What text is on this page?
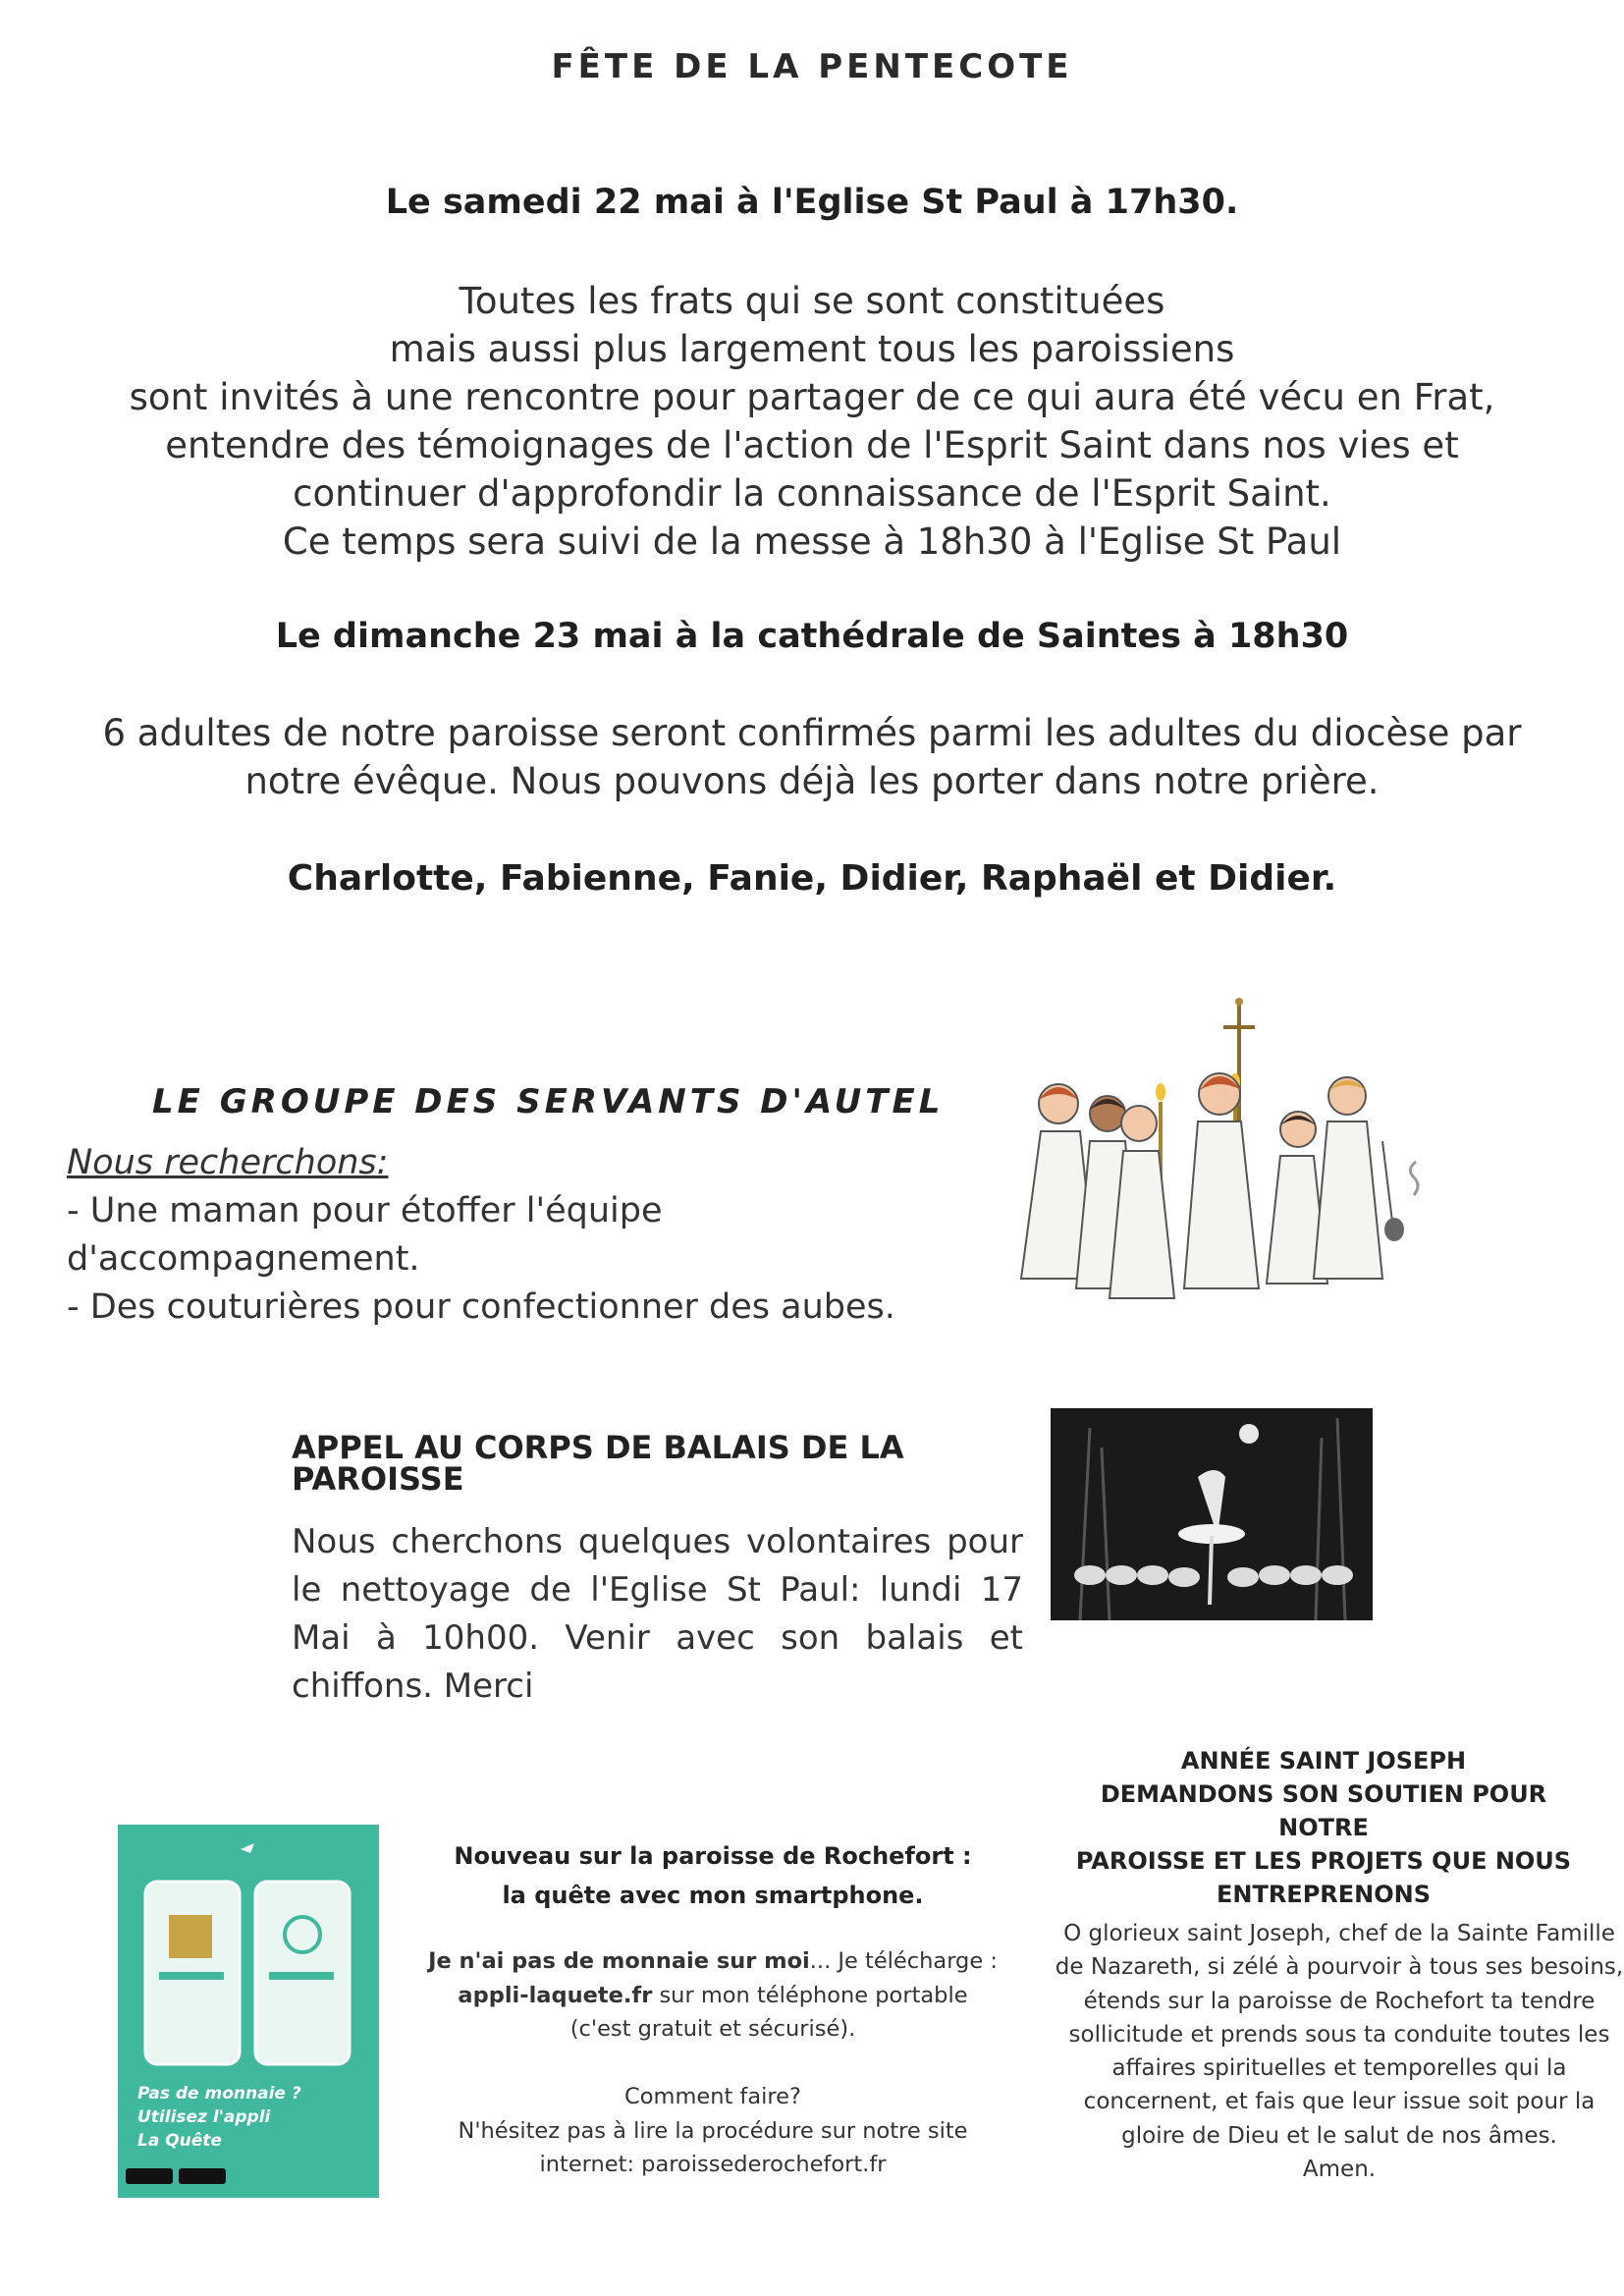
FÊTE DE LA PENTECOTE
Le samedi 22 mai à l'Eglise St Paul à 17h30.
Toutes les frats qui se sont constituées
mais aussi plus largement tous les paroissiens
sont invités à une rencontre pour partager de ce qui aura été vécu en Frat,
entendre des témoignages de l'action de l'Esprit Saint dans nos vies et
continuer d'approfondir la connaissance de l'Esprit Saint.
Ce temps sera suivi de la messe à 18h30 à l'Eglise St Paul
Le dimanche 23 mai à la cathédrale de Saintes à 18h30
6 adultes de notre paroisse seront confirmés parmi les adultes du diocèse par
notre évêque. Nous pouvons déjà les porter dans notre prière.
Charlotte, Fabienne, Fanie, Didier, Raphaël et Didier.
LE GROUPE DES SERVANTS D'AUTEL
Nous recherchons:
- Une maman pour étoffer l'équipe
d'accompagnement.
- Des couturières pour confectionner des aubes.
APPEL AU CORPS DE BALAIS DE LA PAROISSE
Nous cherchons quelques volontaires pour le nettoyage de l'Eglise St Paul: lundi 17 Mai à 10h00. Venir avec son balais et chiffons. Merci
Pas de monnaie ?
Utilisez l'appli
La Quête
Nouveau sur la paroisse de Rochefort :
la quête avec mon smartphone.
Je n'ai pas de monnaie sur moi... Je télécharge :
appli-laquete.fr sur mon téléphone portable
(c'est gratuit et sécurisé).
Comment faire?
N'hésitez pas à lire la procédure sur notre site
internet: paroissederochefort.fr
ANNÉE SAINT JOSEPH
DEMANDONS SON SOUTIEN POUR NOTRE
PAROISSE ET LES PROJETS QUE NOUS
ENTREPRENONS
O glorieux saint Joseph, chef de la Sainte Famille
de Nazareth, si zélé à pourvoir à tous ses besoins,
étends sur la paroisse de Rochefort ta tendre
sollicitude et prends sous ta conduite toutes les
affaires spirituelles et temporelles qui la
concernent, et fais que leur issue soit pour la
gloire de Dieu et le salut de nos âmes.
Amen.
